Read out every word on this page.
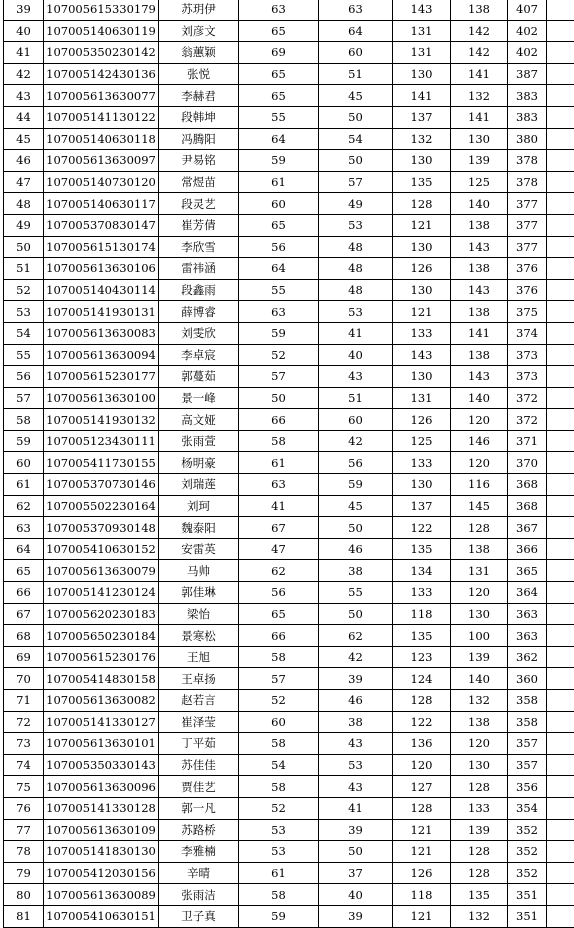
39	107005615330179	苏玥伊	63	63	143	138	407	
40	107005140630119	刘彦文	65	64	131	142	402	
41	107005350230142	翁蕙颖	69	60	131	142	402	
42	107005142430136	张悦	65	51	130	141	387	
43	107005613630077	李赫君	65	45	141	132	383	
44	107005141130122	段韩坤	55	50	137	141	383	
45	107005140630118	冯腾阳	64	54	132	130	380	
46	107005613630097	尹易铭	59	50	130	139	378	
47	107005140730120	常煜苗	61	57	135	125	378	
48	107005140630117	段灵艺	60	49	128	140	377	
49	107005370830147	崔芳倩	65	53	121	138	377	
50	107005615130174	李欣雪	56	48	130	143	377	
51	107005613630106	雷祎涵	64	48	126	138	376	
52	107005140430114	段鑫雨	55	48	130	143	376	
53	107005141930131	薛博睿	63	53	121	138	375	
54	107005613630083	刘雯欣	59	41	133	141	374	
55	107005613630094	李卓宸	52	40	143	138	373	
56	107005615230177	郭蔓茹	57	43	130	143	373	
57	107005613630100	景一峰	50	51	131	140	372	
58	107005141930132	高文娅	66	60	126	120	372	
59	107005123430111	张雨萱	58	42	125	146	371	
60	107005411730155	杨明豪	61	56	133	120	370	
61	107005370730146	刘瑞莲	63	59	130	116	368	
62	107005502230164	刘珂	41	45	137	145	368	
63	107005370930148	魏泰阳	67	50	122	128	367	
64	107005410630152	安雷英	47	46	135	138	366	
65	107005613630079	马帅	62	38	134	131	365	
66	107005141230124	郭佳琳	56	55	133	120	364	
67	107005620230183	梁怡	65	50	118	130	363	
68	107005650230184	景寒松	66	62	135	100	363	
69	107005615230176	王旭	58	42	123	139	362	
70	107005414830158	王卓扬	57	39	124	140	360	
71	107005613630082	赵若言	52	46	128	132	358	
72	107005141330127	崔泽莹	60	38	122	138	358	
73	107005613630101	丁平茹	58	43	136	120	357	
74	107005350330143	苏佳佳	54	53	120	130	357	
75	107005613630096	贾佳艺	58	43	127	128	356	
76	107005141330128	郭一凡	52	41	128	133	354	
77	107005613630109	苏路桥	53	39	121	139	352	
78	107005141830130	李雅楠	53	50	121	128	352	
79	107005412030156	辛晴	61	37	126	128	352	
80	107005613630089	张雨洁	58	40	118	135	351	
81	107005410630151	卫子真	59	39	121	132	351	
